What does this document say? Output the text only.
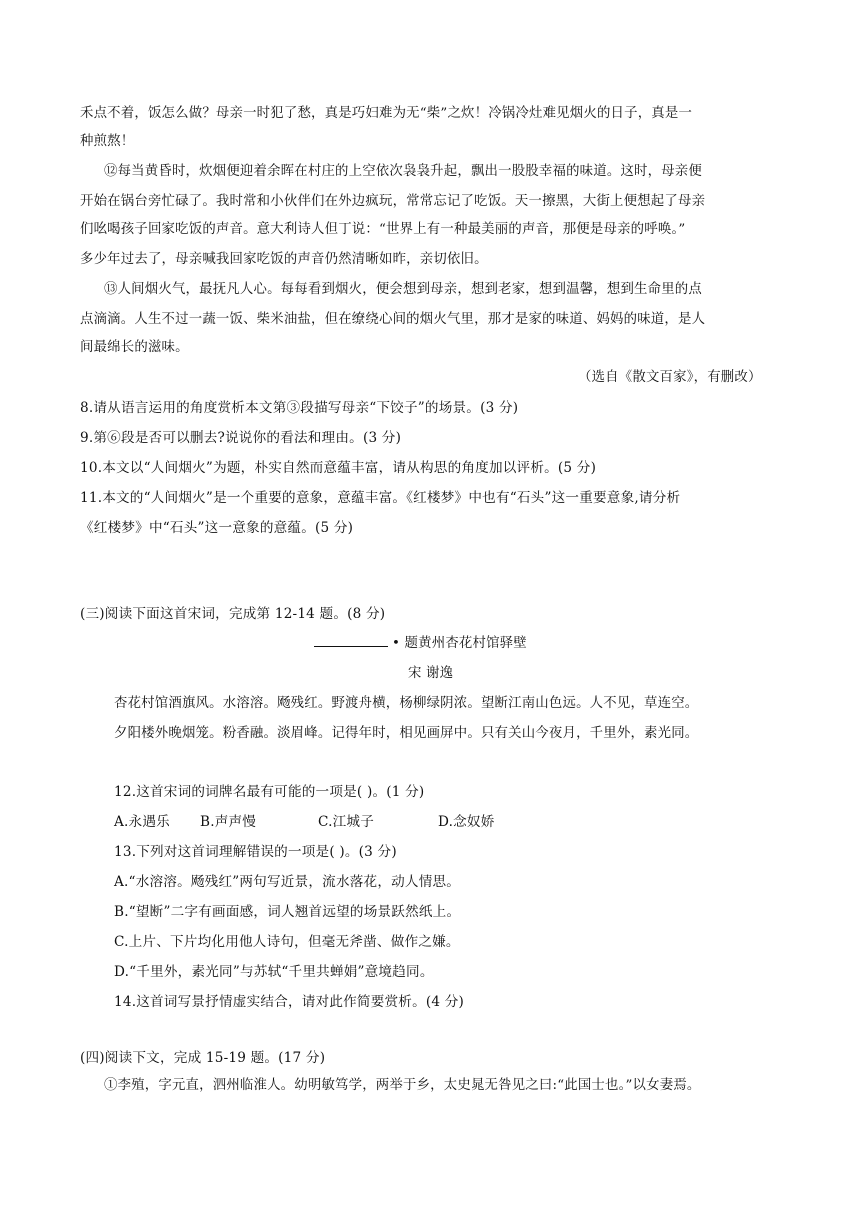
禾点不着，饭怎么做？母亲一时犯了愁，真是巧妇难为无“柴”之炊！冷锅冷灶难见烟火的日子，真是一
种煎熬！
⑫每当黄昏时，炊烟便迎着余晖在村庄的上空依次袅袅升起，飘出一股股幸福的味道。这时，母亲便
开始在锅台旁忙碌了。我时常和小伙伴们在外边疯玩，常常忘记了吃饭。天一擦黑，大街上便想起了母亲
们吆喝孩子回家吃饭的声音。意大利诗人但丁说：“世界上有一种最美丽的声音，那便是母亲的呼唤。”
多少年过去了，母亲喊我回家吃饭的声音仍然清晰如昨，亲切依旧。
⑬人间烟火气，最抚凡人心。每每看到烟火，便会想到母亲，想到老家，想到温馨，想到生命里的点
点滴滴。人生不过一蔬一饭、柴米油盐，但在缭绕心间的烟火气里，那才是家的味道、妈妈的味道，是人
间最绵长的滋味。
（选自《散文百家》，有删改）
8.请从语言运用的角度赏析本文第③段描写母亲“下饺子”的场景。(3 分)
9.第⑥段是否可以删去?说说你的看法和理由。(3 分)
10.本文以“人间烟火”为题，朴实自然而意蕴丰富，请从构思的角度加以评析。(5 分)
11.本文的“人间烟火”是一个重要的意象，意蕴丰富。《红楼梦》中也有“石头”这一重要意象,请分析
《红楼梦》中“石头”这一意象的意蕴。(5 分)
(三)阅读下面这首宋词，完成第 12-14 题。(8 分)
• 题黄州杏花村馆驿壁
宋 谢逸
杏花村馆酒旗风。水溶溶。飏残红。野渡舟横，杨柳绿阴浓。望断江南山色远。人不见，草连空。
夕阳楼外晚烟笼。粉香融。淡眉峰。记得年时，相见画屏中。只有关山今夜月，千里外，素光同。
12.这首宋词的词牌名最有可能的一项是( )。(1 分)
A.永遇乐 B.声声慢	C.江城子	D.念奴娇
13.下列对这首词理解错误的一项是( )。(3 分)
A.“水溶溶。飏残红”两句写近景，流水落花，动人情思。
B.“望断”二字有画面感，词人翘首远望的场景跃然纸上。
C.上片、下片均化用他人诗句，但毫无斧凿、做作之嫌。
D.“千里外，素光同”与苏轼“千里共蝉娟”意境趋同。
14.这首词写景抒情虚实结合，请对此作简要赏析。(4 分)
(四)阅读下文，完成 15-19 题。(17 分)
①李殖，字元直，泗州临淮人。幼明敏笃学，两举于乡，太史晁无咎见之曰:“此国士也。”以女妻焉。
